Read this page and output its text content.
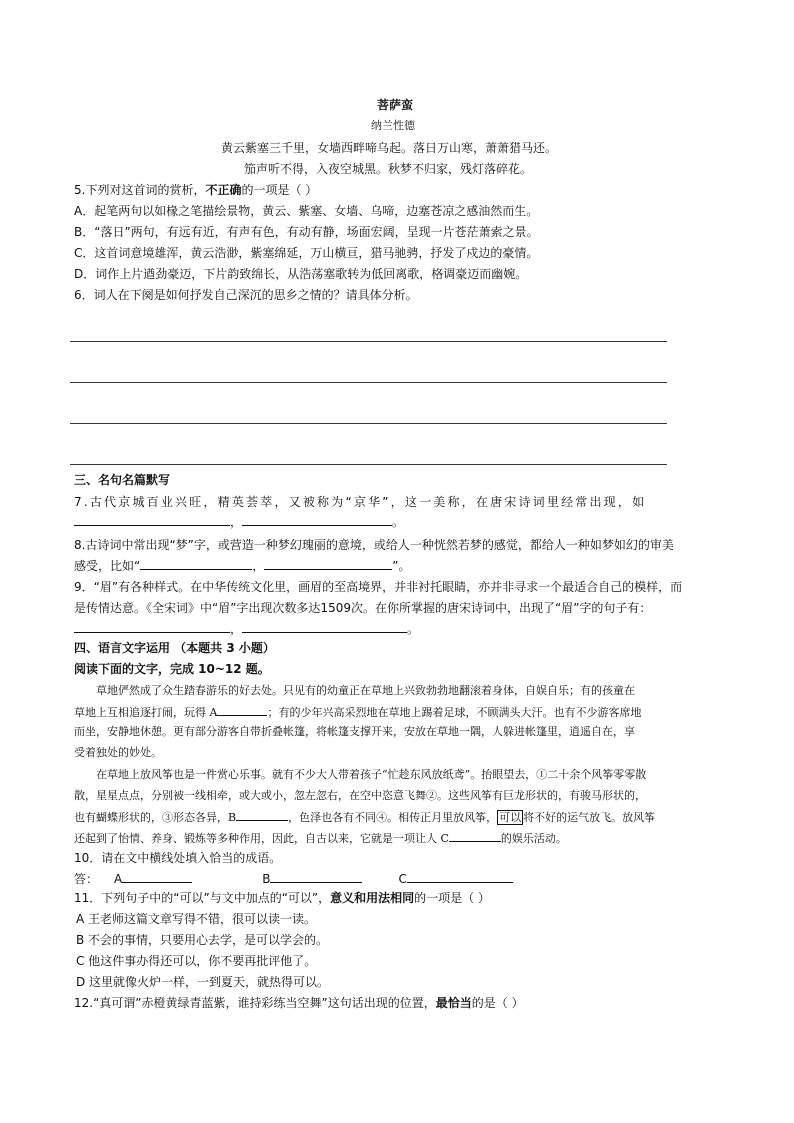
菩萨蛮
纳兰性德
黄云紫塞三千里，女墙西畔啼乌起。落日万山寒，萧萧猎马还。
笳声听不得，入夜空城黑。秋梦不归家，残灯落碎花。
5.下列对这首词的赏析，不正确的一项是（ ）
A．起笔两句以如椽之笔描绘景物，黄云、紫塞、女墙、乌啼，边塞苍凉之感油然而生。
B．“落日”两句，有远有近，有声有色，有动有静，场面宏阔，呈现一片苍茫萧索之景。
C．这首词意境雄浑，黄云浩渺，紫塞绵延，万山横亘，猎马驰骋，抒发了戍边的豪情。
D．词作上片遒劲豪迈，下片韵致绵长，从浩荡塞歌转为低回离歌，格调豪迈而幽婉。
6．词人在下阕是如何抒发自己深沉的思乡之情的？请具体分析。
三、名句名篇默写
7.古代京城百业兴旺，精英荟萃，又被称为“京华”，这一美称，在唐宋诗词里经常出现，如
，	。
8.古诗词中常出现“梦”字，或营造一种梦幻瑰丽的意境，或给人一种恍然若梦的感觉，都给人一种如梦如幻的审美
感受，比如“	，	”。
9．“眉”有各种样式。在中华传统文化里，画眉的至高境界，并非衬托眼睛，亦并非寻求一个最适合自己的模样，而
是传情达意。《全宋词》中“眉”字出现次数多达1509次。在你所掌握的唐宋诗词中，出现了“眉”字的句子有：
，	。
四、语言文字运用 （本题共 3 小题）
阅读下面的文字，完成 10~12 题。
草地俨然成了众生踏春游乐的好去处。只见有的幼童正在草地上兴致勃勃地翻滚着身体，自娱自乐；有的孩童在
草地上互相追逐打闹，玩得 A	；有的少年兴高采烈地在草地上踢着足球，不顾满头大汗。也有不少游客席地
而坐，安静地休憩。更有部分游客自带折叠帐篷，将帐篷支撑开来，安放在草地一隅，人躲进帐篷里，逍遥自在，享
受着独处的妙处。
在草地上放风筝也是一件赏心乐事。就有不少大人带着孩子“忙趁东风放纸鸢”。抬眼望去，①二十余个风筝零零散
散，星星点点，分别被一线相牵，或大或小，忽左忽右，在空中恣意飞舞②。这些风筝有巨龙形状的，有骏马形状的，
也有蝴蝶形状的，③形态各异，B	，色泽也各有不同④。相传正月里放风筝， 可以 将不好的运气放飞。放风筝
还起到了怡情、养身、锻炼等多种作用，因此，自古以来，它就是一项让人 C	的娱乐活动。
10．请在文中横线处填入恰当的成语。
答： A	B	C
11．下列句子中的“可以”与文中加点的“可以”，意义和用法相同的一项是（ ）
A 王老师这篇文章写得不错，很可以读一读。
B 不会的事情，只要用心去学，是可以学会的。
C 他这件事办得还可以，你不要再批评他了。
D 这里就像火炉一样，一到夏天，就热得可以。
12.“真可谓”赤橙黄绿青蓝紫，谁持彩练当空舞”这句话出现的位置，最恰当的是（ ）
